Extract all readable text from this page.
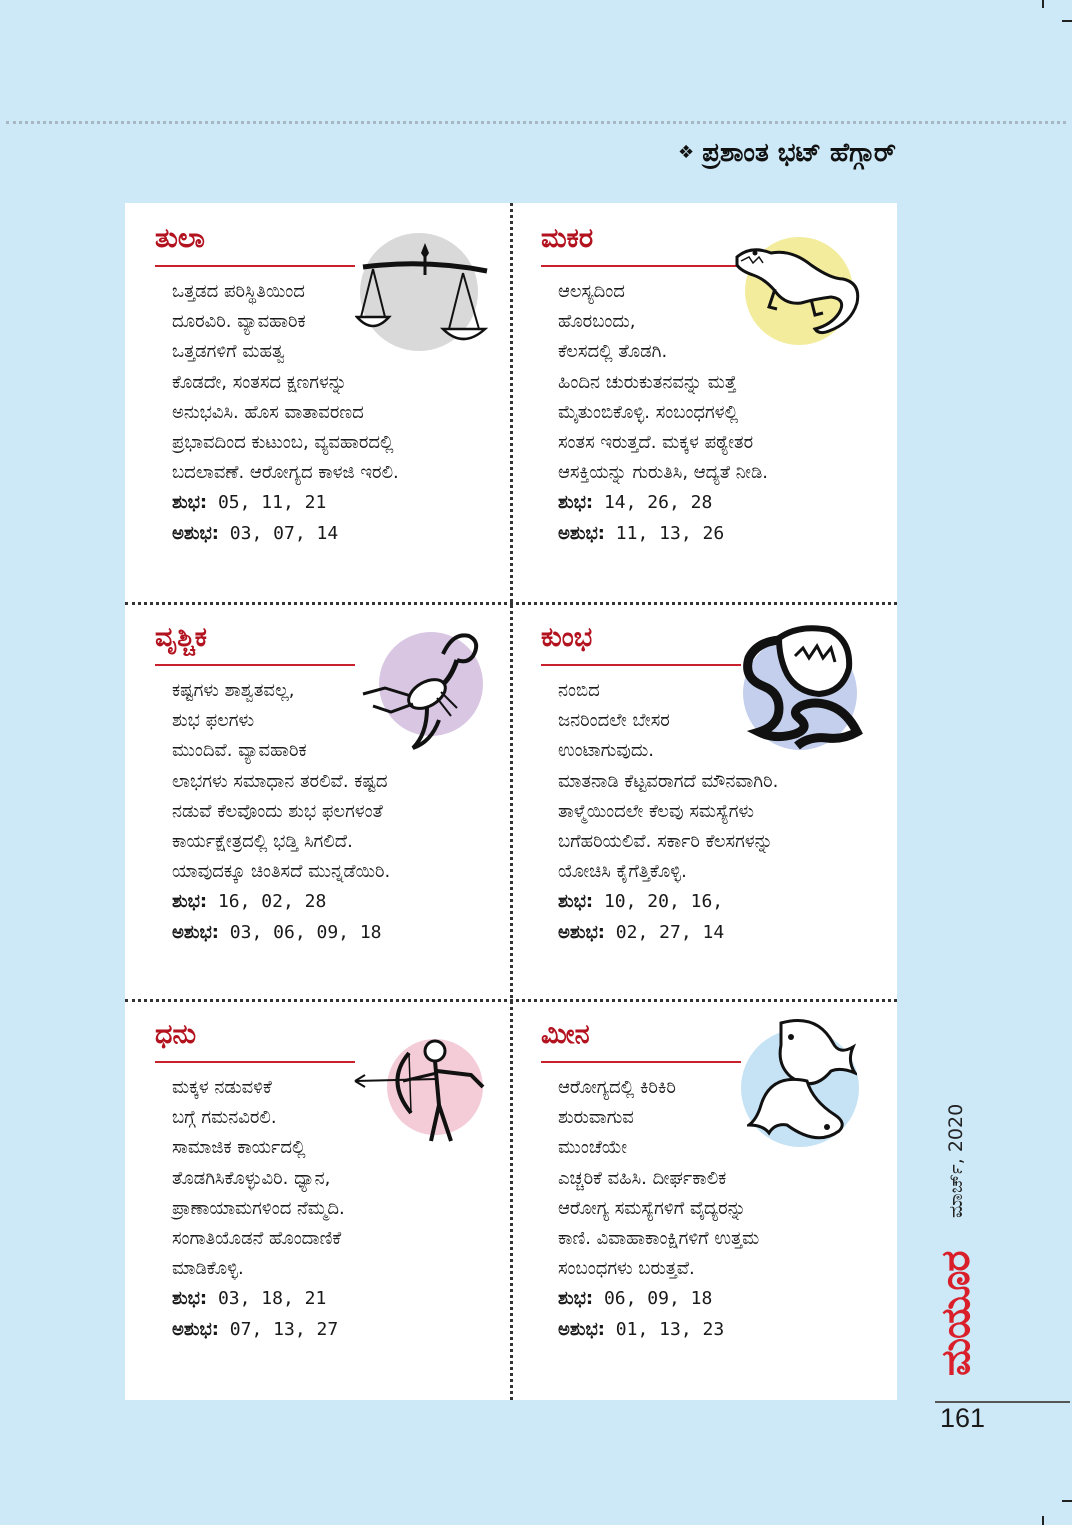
❖ ಪ್ರಶಾಂತ ಭಟ್ ಹೆಗ್ಗಾರ್
ತುಲಾ
ಒತ್ತಡದ ಪರಿಸ್ಥಿತಿಯಿಂದ
ದೂರವಿರಿ. ವ್ಯಾವಹಾರಿಕ
ಒತ್ತಡಗಳಿಗೆ ಮಹತ್ವ
ಕೊಡದೇ, ಸಂತಸದ ಕ್ಷಣಗಳನ್ನು
ಅನುಭವಿಸಿ. ಹೊಸ ವಾತಾವರಣದ
ಪ್ರಭಾವದಿಂದ ಕುಟುಂಬ, ವ್ಯವಹಾರದಲ್ಲಿ
ಬದಲಾವಣೆ. ಆರೋಗ್ಯದ ಕಾಳಜಿ ಇರಲಿ.
ಶುಭ: 05, 11, 21
ಅಶುಭ: 03, 07, 14
ಮಕರ
ಆಲಸ್ಯದಿಂದ
ಹೊರಬಂದು,
ಕೆಲಸದಲ್ಲಿ ತೊಡಗಿ.
ಹಿಂದಿನ ಚುರುಕುತನವನ್ನು ಮತ್ತೆ
ಮೈತುಂಬಿಕೊಳ್ಳಿ. ಸಂಬಂಧಗಳಲ್ಲಿ
ಸಂತಸ ಇರುತ್ತದೆ. ಮಕ್ಕಳ ಪಠ್ಯೇತರ
ಆಸಕ್ತಿಯನ್ನು ಗುರುತಿಸಿ, ಆದ್ಯತೆ ನೀಡಿ.
ಶುಭ: 14, 26, 28
ಅಶುಭ: 11, 13, 26
ವೃಶ್ಚಿಕ
ಕಷ್ಟಗಳು ಶಾಶ್ವತವಲ್ಲ,
ಶುಭ ಫಲಗಳು
ಮುಂದಿವೆ. ವ್ಯಾವಹಾರಿಕ
ಲಾಭಗಳು ಸಮಾಧಾನ ತರಲಿವೆ. ಕಷ್ಟದ
ನಡುವೆ ಕೆಲವೊಂದು ಶುಭ ಫಲಗಳಂತೆ
ಕಾರ್ಯಕ್ಷೇತ್ರದಲ್ಲಿ ಭಡ್ತಿ ಸಿಗಲಿದೆ.
ಯಾವುದಕ್ಕೂ ಚಿಂತಿಸದೆ ಮುನ್ನಡೆಯಿರಿ.
ಶುಭ: 16, 02, 28
ಅಶುಭ: 03, 06, 09, 18
ಕುಂಭ
ನಂಬಿದ
ಜನರಿಂದಲೇ ಬೇಸರ
ಉಂಟಾಗುವುದು.
ಮಾತನಾಡಿ ಕೆಟ್ಟವರಾಗದೆ ಮೌನವಾಗಿರಿ.
ತಾಳ್ಮೆಯಿಂದಲೇ ಕೆಲವು ಸಮಸ್ಯೆಗಳು
ಬಗೆಹರಿಯಲಿವೆ. ಸರ್ಕಾರಿ ಕೆಲಸಗಳನ್ನು
ಯೋಚಿಸಿ ಕೈಗೆತ್ತಿಕೊಳ್ಳಿ.
ಶುಭ: 10, 20, 16,
ಅಶುಭ: 02, 27, 14
ಧನು
ಮಕ್ಕಳ ನಡುವಳಿಕೆ
ಬಗ್ಗೆ ಗಮನವಿರಲಿ.
ಸಾಮಾಜಿಕ ಕಾರ್ಯದಲ್ಲಿ
ತೊಡಗಿಸಿಕೊಳ್ಳುವಿರಿ. ಧ್ಯಾನ,
ಪ್ರಾಣಾಯಾಮಗಳಿಂದ ನೆಮ್ಮದಿ.
ಸಂಗಾತಿಯೊಡನೆ ಹೊಂದಾಣಿಕೆ
ಮಾಡಿಕೊಳ್ಳಿ.
ಶುಭ: 03, 18, 21
ಅಶುಭ: 07, 13, 27
ಮೀನ
ಆರೋಗ್ಯದಲ್ಲಿ ಕಿರಿಕಿರಿ
ಶುರುವಾಗುವ
ಮುಂಚೆಯೇ
ಎಚ್ಚರಿಕೆ ವಹಿಸಿ. ದೀರ್ಘಕಾಲಿಕ
ಆರೋಗ್ಯ ಸಮಸ್ಯೆಗಳಿಗೆ ವೈದ್ಯರನ್ನು
ಕಾಣಿ. ವಿವಾಹಾಕಾಂಕ್ಷಿಗಳಿಗೆ ಉತ್ತಮ
ಸಂಬಂಧಗಳು ಬರುತ್ತವೆ.
ಶುಭ: 06, 09, 18
ಅಶುಭ: 01, 13, 23
ಮಾರ್ಚ್, 2020
ಮಯೂರ
161
